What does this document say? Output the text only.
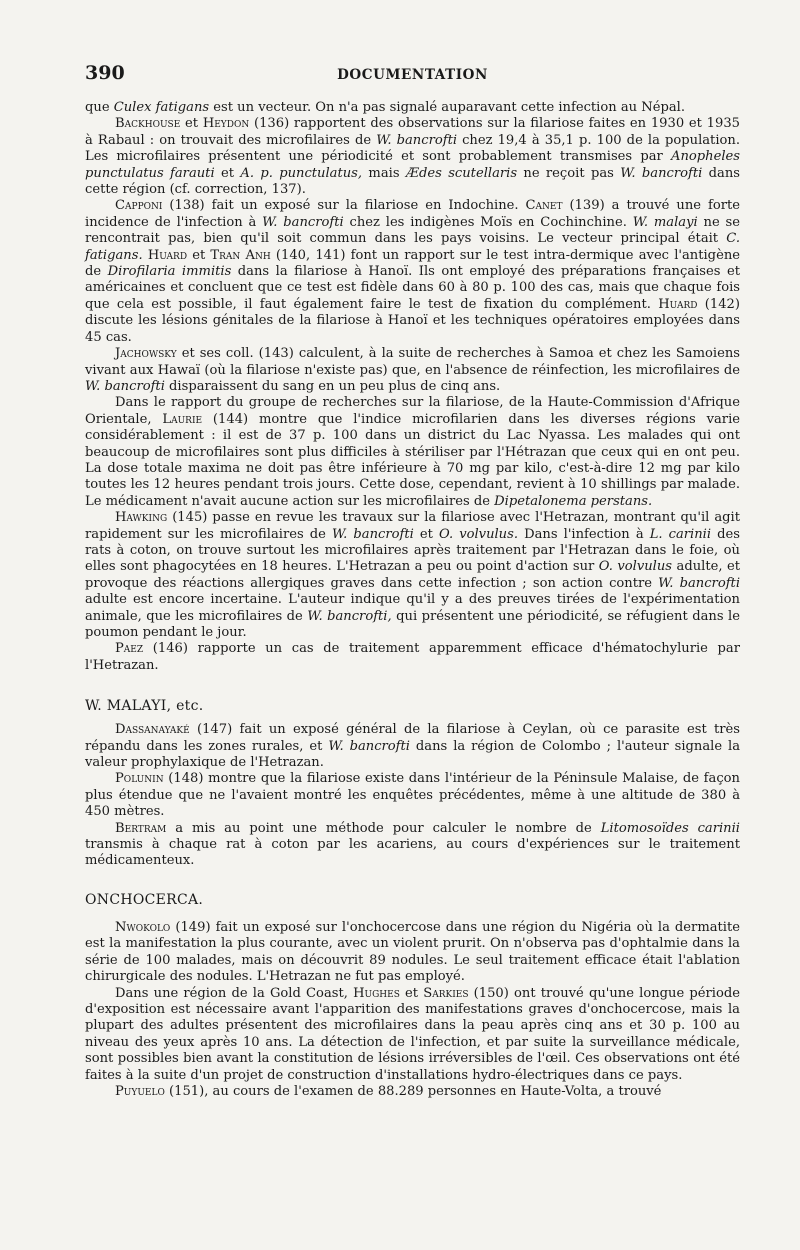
390	DOCUMENTATION

que Culex fatigans est un vecteur. On n'a pas signalé auparavant cette infection au Népal.

Backhouse et Heydon (136) rapportent des observations sur la filariose faites en 1930 et 1935 à Rabaul : on trouvait des microfilaires de W. bancrofti chez 19,4 à 35,1 p. 100 de la population. Les microfilaires présentent une périodicité et sont probablement transmises par Anopheles punctulatus farauti et A. p. punctulatus, mais Ædes scutellaris ne reçoit pas W. bancrofti dans cette région (cf. correction, 137).

Capponi (138) fait un exposé sur la filariose en Indochine. Canet (139) a trouvé une forte incidence de l'infection à W. bancrofti chez les indigènes Moïs en Cochinchine. W. malayi ne se rencontrait pas, bien qu'il soit commun dans les pays voisins. Le vecteur principal était C. fatigans. Huard et Tran Anh (140, 141) font un rapport sur le test intra-dermique avec l'antigène de Dirofilaria immitis dans la filariose à Hanoï. Ils ont employé des préparations françaises et américaines et concluent que ce test est fidèle dans 60 à 80 p. 100 des cas, mais que chaque fois que cela est possible, il faut également faire le test de fixation du complément. Huard (142) discute les lésions génitales de la filariose à Hanoï et les techniques opératoires employées dans 45 cas.

Jachowsky et ses coll. (143) calculent, à la suite de recherches à Samoa et chez les Samoiens vivant aux Hawaï (où la filariose n'existe pas) que, en l'absence de réinfection, les microfilaires de W. bancrofti disparaissent du sang en un peu plus de cinq ans.

Dans le rapport du groupe de recherches sur la filariose, de la Haute-Commission d'Afrique Orientale, Laurie (144) montre que l'indice microfilarien dans les diverses régions varie considérablement : il est de 37 p. 100 dans un district du Lac Nyassa. Les malades qui ont beaucoup de microfilaires sont plus difficiles à stériliser par l'Hétrazan que ceux qui en ont peu. La dose totale maxima ne doit pas être inférieure à 70 mg par kilo, c'est-à-dire 12 mg par kilo toutes les 12 heures pendant trois jours. Cette dose, cependant, revient à 10 shillings par malade. Le médicament n'avait aucune action sur les microfilaires de Dipetalonema perstans.

Hawking (145) passe en revue les travaux sur la filariose avec l'Hetrazan, montrant qu'il agit rapidement sur les microfilaires de W. bancrofti et O. volvulus. Dans l'infection à L. carinii des rats à coton, on trouve surtout les microfilaires après traitement par l'Hetrazan dans le foie, où elles sont phagocytées en 18 heures. L'Hetrazan a peu ou point d'action sur O. volvulus adulte, et provoque des réactions allergiques graves dans cette infection ; son action contre W. bancrofti adulte est encore incertaine. L'auteur indique qu'il y a des preuves tirées de l'expérimentation animale, que les microfilaires de W. bancrofti, qui présentent une périodicité, se réfugient dans le poumon pendant le jour.

Paez (146) rapporte un cas de traitement apparemment efficace d'hématochylurie par l'Hetrazan.

W. MALAYI, etc.

Dassanayaké (147) fait un exposé général de la filariose à Ceylan, où ce parasite est très répandu dans les zones rurales, et W. bancrofti dans la région de Colombo ; l'auteur signale la valeur prophylaxique de l'Hetrazan.

Polunin (148) montre que la filariose existe dans l'intérieur de la Péninsule Malaise, de façon plus étendue que ne l'avaient montré les enquêtes précédentes, même à une altitude de 380 à 450 mètres.

Bertram a mis au point une méthode pour calculer le nombre de Litomosoïdes carinii transmis à chaque rat à coton par les acariens, au cours d'expériences sur le traitement médicamenteux.

ONCHOCERCA.

Nwokolo (149) fait un exposé sur l'onchocercose dans une région du Nigéria où la dermatite est la manifestation la plus courante, avec un violent prurit. On n'observa pas d'ophtalmie dans la série de 100 malades, mais on découvrit 89 nodules. Le seul traitement efficace était l'ablation chirurgicale des nodules. L'Hetrazan ne fut pas employé.

Dans une région de la Gold Coast, Hughes et Sarkies (150) ont trouvé qu'une longue période d'exposition est nécessaire avant l'apparition des manifestations graves d'onchocercose, mais la plupart des adultes présentent des microfilaires dans la peau après cinq ans et 30 p. 100 au niveau des yeux après 10 ans. La détection de l'infection, et par suite la surveillance médicale, sont possibles bien avant la constitution de lésions irréversibles de l'œil. Ces observations ont été faites à la suite d'un projet de construction d'installations hydro-électriques dans ce pays.

Puyuelo (151), au cours de l'examen de 88.289 personnes en Haute-Volta, a trouvé
